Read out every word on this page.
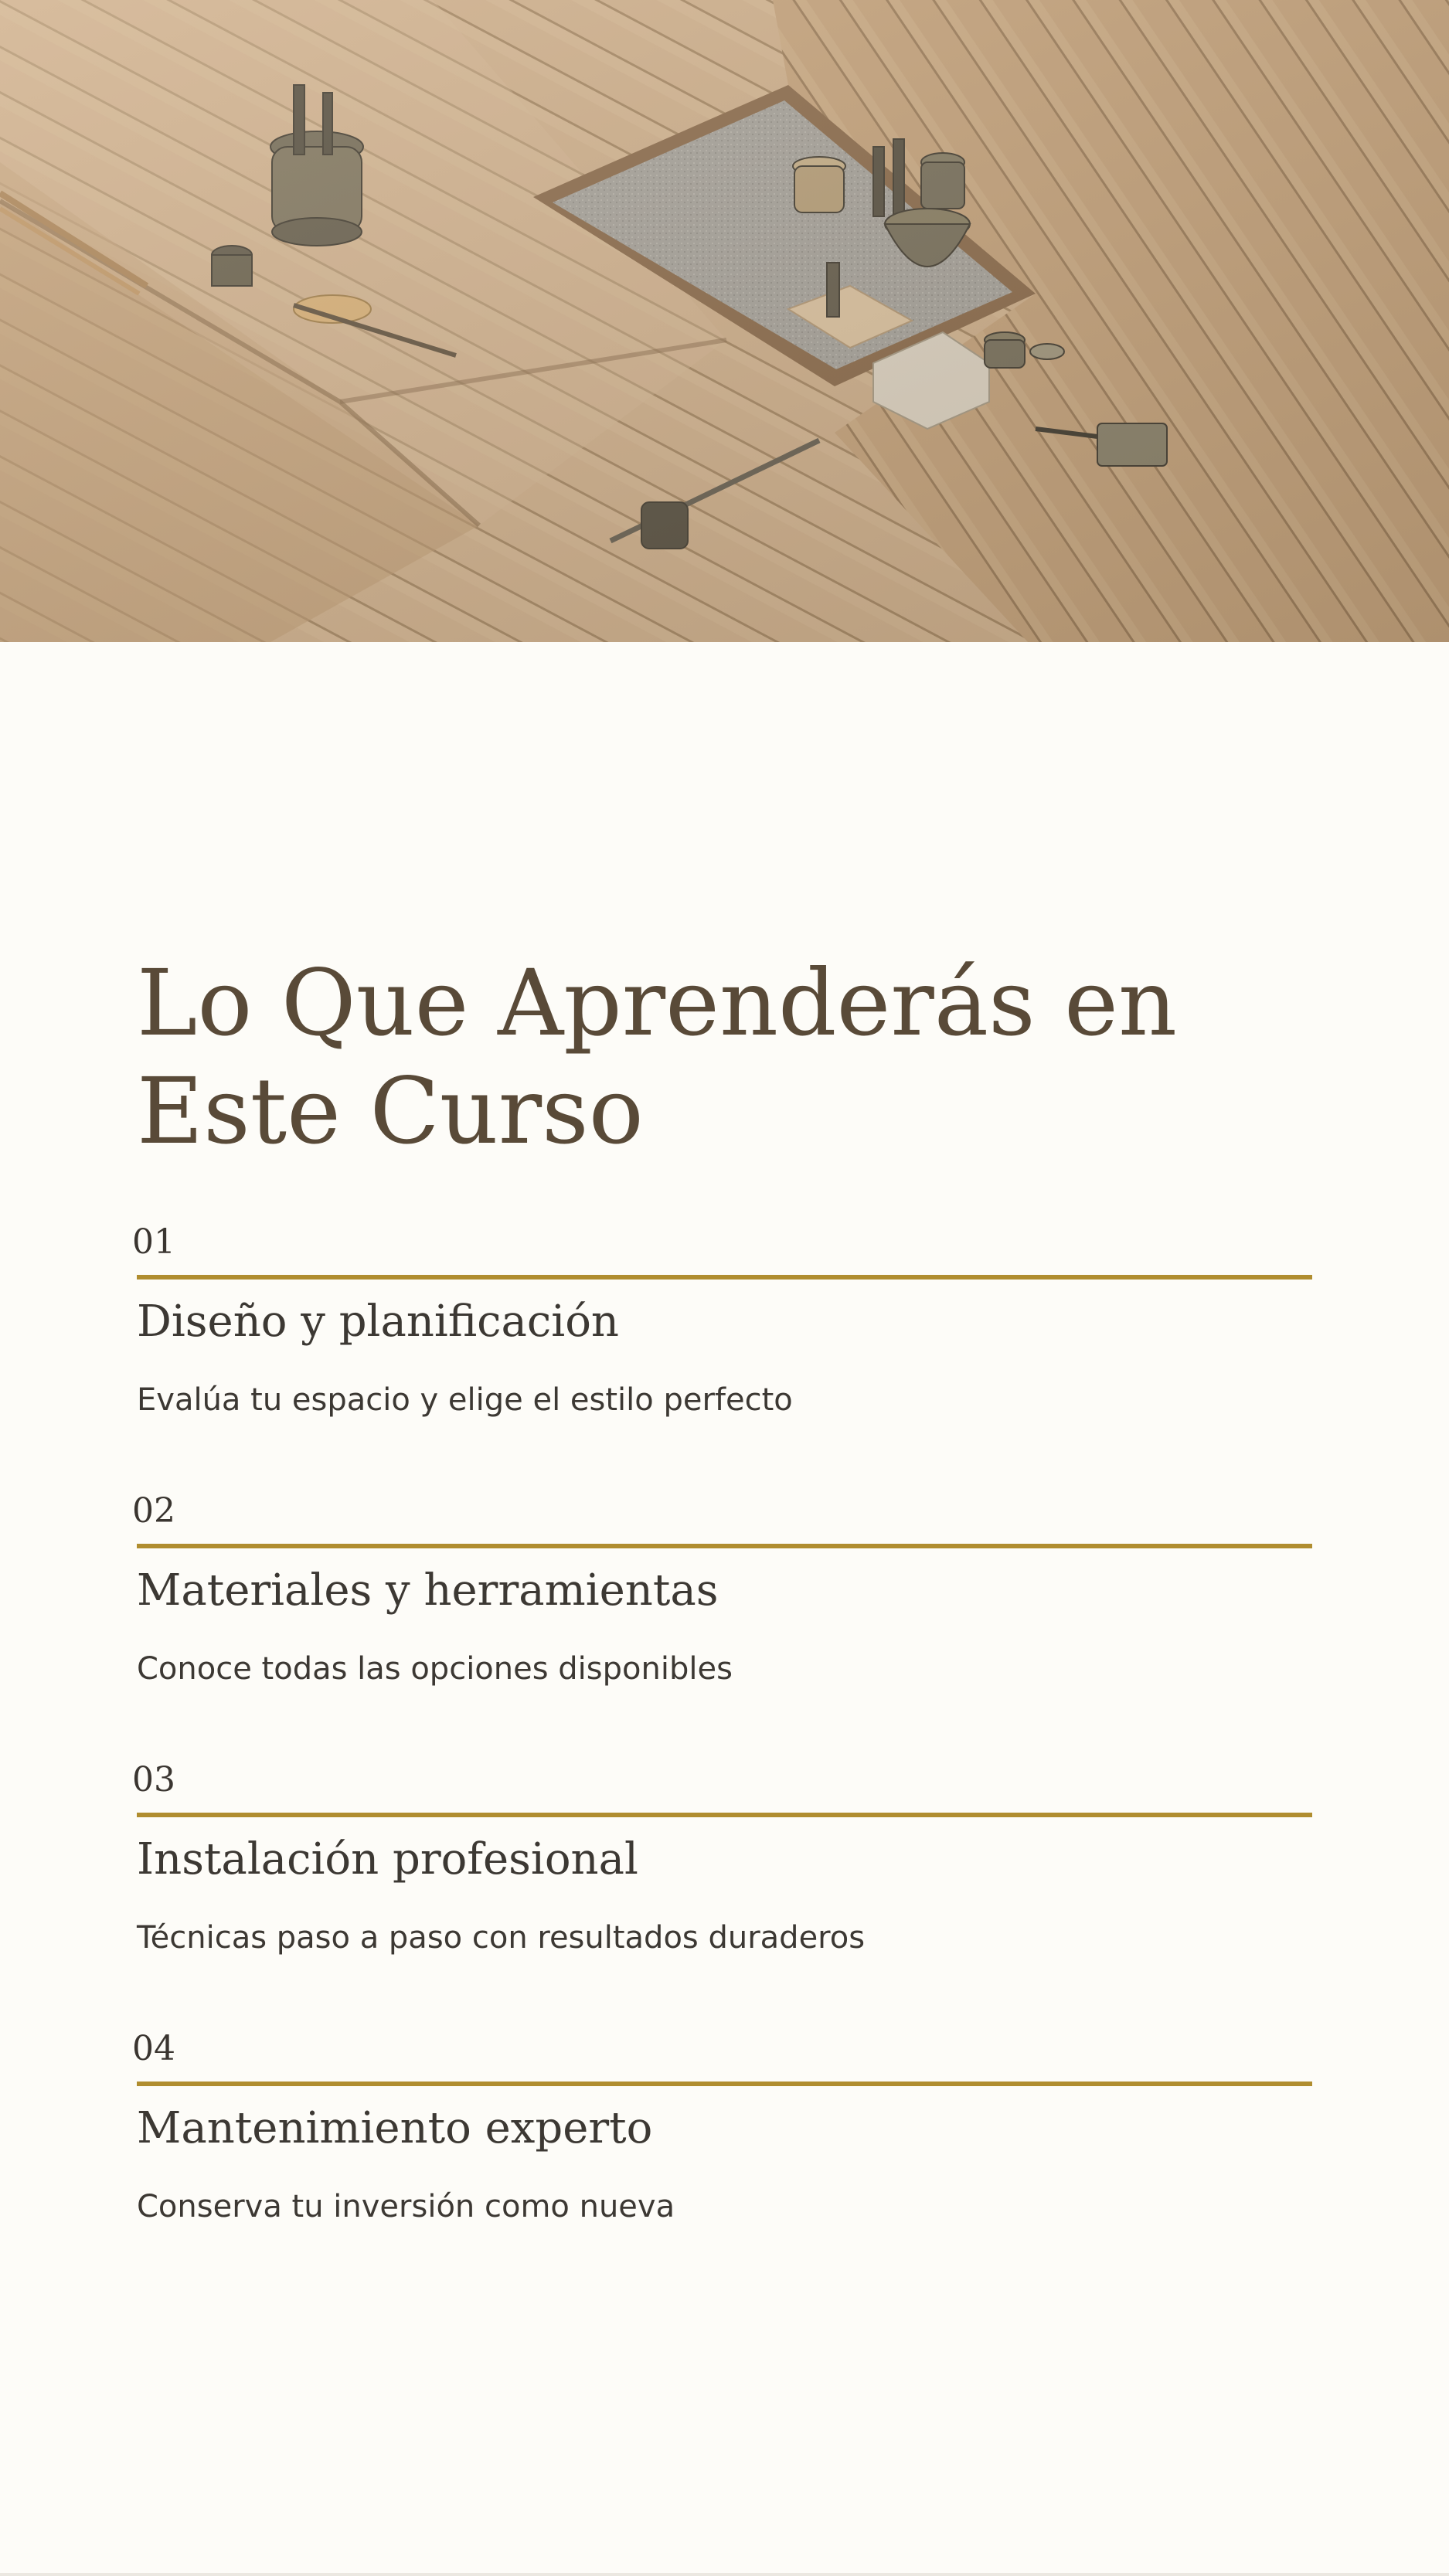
Lo Que Aprenderás en Este Curso
01
Diseño y planificación
Evalúa tu espacio y elige el estilo perfecto
02
Materiales y herramientas
Conoce todas las opciones disponibles
03
Instalación profesional
Técnicas paso a paso con resultados duraderos
04
Mantenimiento experto
Conserva tu inversión como nueva
